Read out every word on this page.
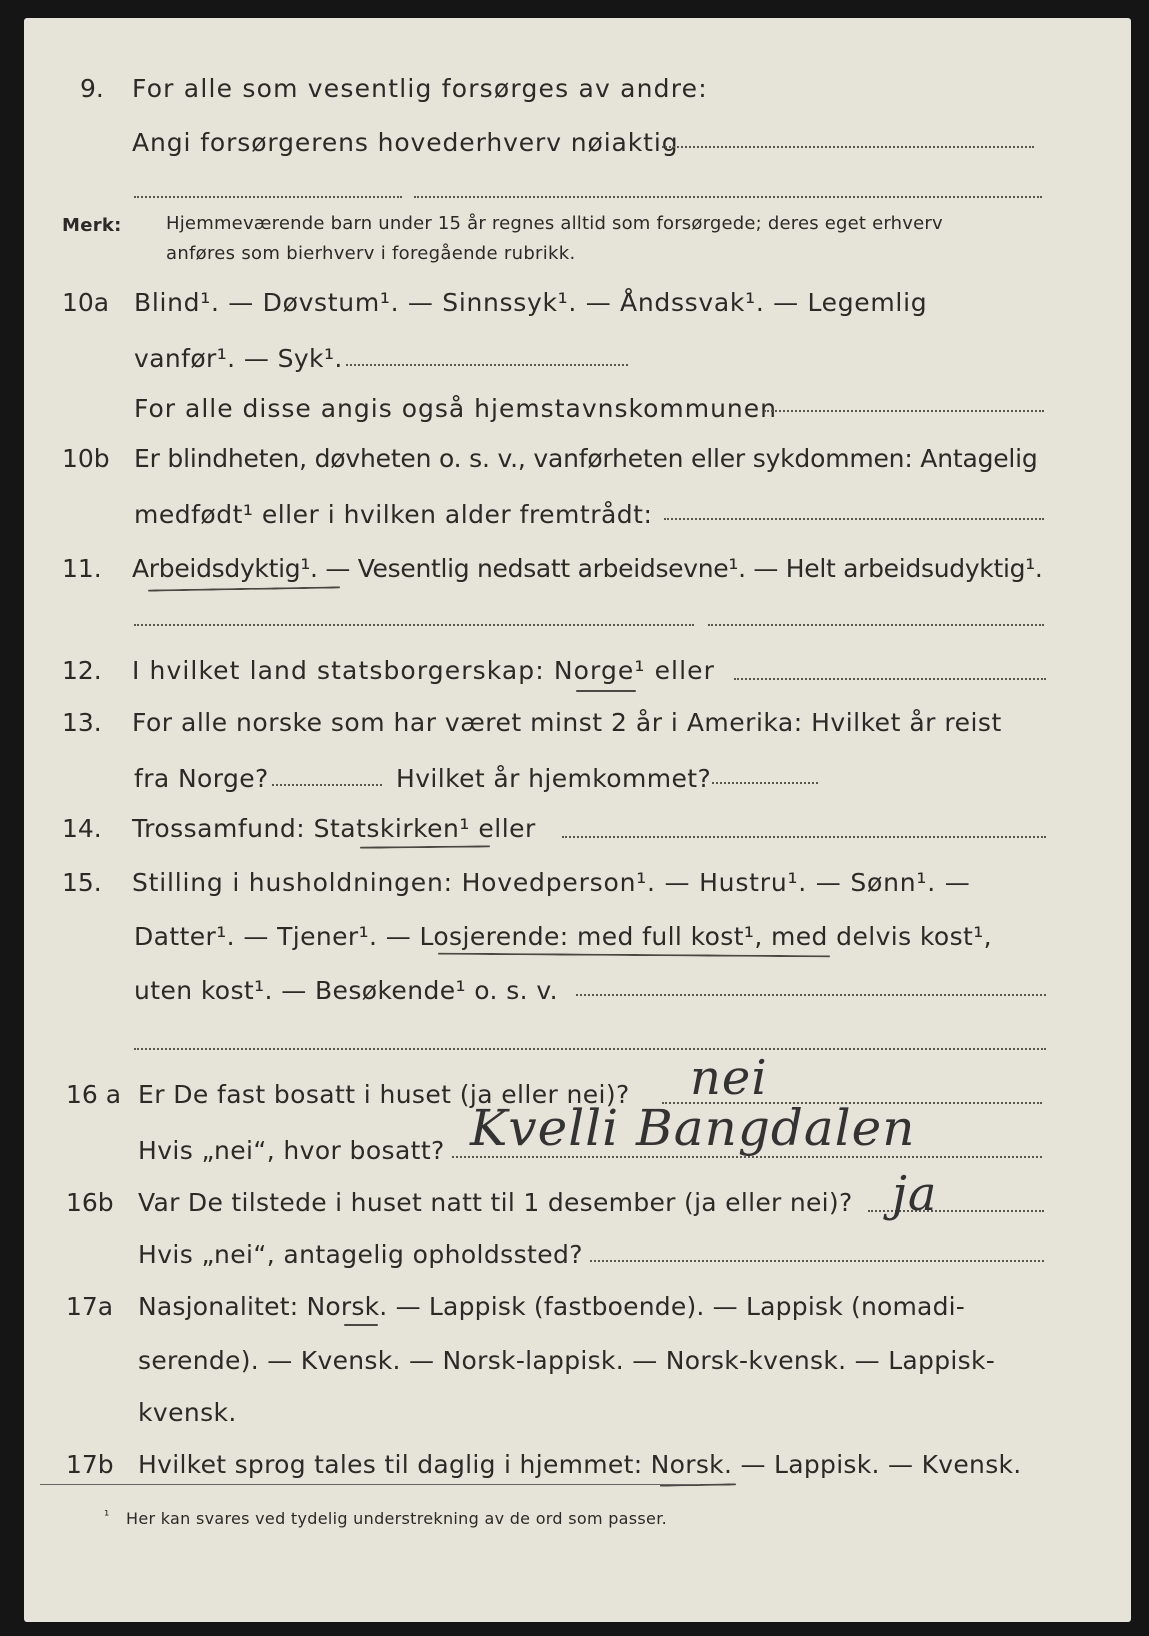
9. For alle som vesentlig forsørges av andre:
Angi forsørgerens hovederhverv nøiaktig
Merk: Hjemmeværende barn under 15 år regnes alltid som forsørgede; deres eget erhverv
anføres som bierhverv i foregående rubrikk.
10a Blind¹. — Døvstum¹. — Sinnssyk¹. — Åndssvak¹. — Legemlig
vanfør¹. — Syk¹.
For alle disse angis også hjemstavnskommunen
10b Er blindheten, døvheten o. s. v., vanførheten eller sykdommen: Antagelig
medfødt¹ eller i hvilken alder fremtrådt:
11. Arbeidsdyktig¹. — Vesentlig nedsatt arbeidsevne¹. — Helt arbeidsudyktig¹.
12. I hvilket land statsborgerskap: Norge¹ eller
13. For alle norske som har været minst 2 år i Amerika: Hvilket år reist
fra Norge?	Hvilket år hjemkommet?
14. Trossamfund: Statskirken¹ eller
15. Stilling i husholdningen: Hovedperson¹. — Hustru¹. — Sønn¹. —
Datter¹. — Tjener¹. — Losjerende: med full kost¹, med delvis kost¹,
uten kost¹. — Besøkende¹ o. s. v.
16 a Er De fast bosatt i huset (ja eller nei)? nei
Hvis „nei“, hvor bosatt? Kvelli Bangdalen
16b Var De tilstede i huset natt til 1 desember (ja eller nei)? ja
Hvis „nei“, antagelig opholdssted?
17a Nasjonalitet: Norsk. — Lappisk (fastboende). — Lappisk (nomadi-
serende). — Kvensk. — Norsk-lappisk. — Norsk-kvensk. — Lappisk-
kvensk.
17b Hvilket sprog tales til daglig i hjemmet: Norsk. — Lappisk. — Kvensk.
¹ Her kan svares ved tydelig understrekning av de ord som passer.
